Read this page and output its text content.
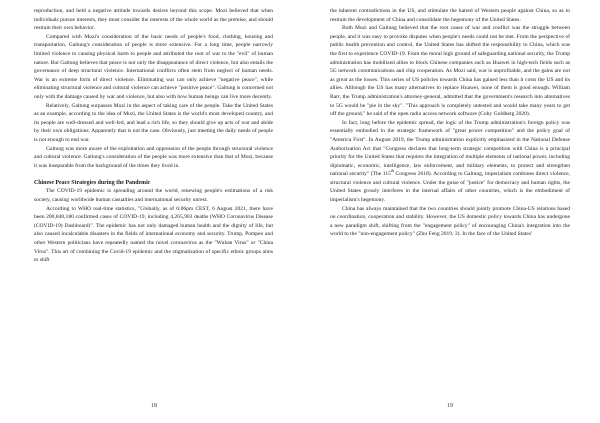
reproduction, and held a negative attitude towards desires beyond this scope. Mozi believed that when individuals pursue interests, they must consider the interests of the whole world as the premise, and should restrain their own behavior.

Compared with Mozi's consideration of the basic needs of people's food, clothing, housing and transportation, Galtung's consideration of people is more extensive. For a long time, people narrowly limited violence to causing physical harm to people and attributed the root of war to the "evil" of human nature. But Galtung believes that peace is not only the disappearance of direct violence, but also entails the governance of deep structural violence. International conflicts often stem from neglect of human needs. War is an extreme form of direct violence. Eliminating war can only achieve "negative peace", while eliminating structural violence and cultural violence can achieve "positive peace". Galtung is concerned not only with the damage caused by war and violence, but also with how human beings can live more decently.

Relatively, Galtung surpasses Mozi in the aspect of taking care of the people. Take the United States as an example, according to the idea of Mozi, the United States is the world's most developed country, and its people are well-dressed and well-fed, and lead a rich life, so they should give up acts of war and abide by their own obligations. Apparently that is not the case. Obviously, just meeting the daily needs of people is not enough to end war.

Galtung was more aware of the exploitation and oppression of the people through structural violence and cultural violence. Galtung's consideration of the people was more extensive than that of Mozi, because it was inseparable from the background of the times they lived in.

Chinese Peace Strategies during the Pandemic

The COVID-19 epidemic is spreading around the world, renewing people's estimations of a risk society, causing worldwide human casualties and international security unrest.

According to WHO real-time statistics, "Globally, as of 6:06pm CEST, 6 August 2021, there have been 200,840,180 confirmed cases of COVID-19, including 4,265,903 deaths (WHO Coronavirus Disease (COVID-19) Dashboard)". The epidemic has not only damaged human health and the dignity of life, but also caused incalculable disasters in the fields of international economy and security. Trump, Pompeo and other Western politicians have repeatedly named the novel coronavirus as the "Wuhan Virus" or "China Virus". This art of combining the Covid-19 epidemic and the stigmatization of specific ethnic groups aims to shift

18

the inherent contradictions in the US, and stimulate the hatred of Western people against China, so as to restrain the development of China and consolidate the hegemony of the United States.

Both Mozi and Galtung believed that the root cause of war and conflict was the struggle between people, and it was easy to provoke disputes when people's needs could not be met. From the perspective of public health prevention and control, the United States has shifted the responsibility to China, which was the first to experience COVID-19. From the moral high ground of safeguarding national security, the Trump administration has mobilized allies to block Chinese companies such as Huawei in high-tech fields such as 5G network communications and chip cooperation. As Mozi said, war is unprofitable, and the gains are not as great as the losses. This series of US policies towards China has gained less than it costs the US and its allies. Although the US has many alternatives to replace Huawei, none of them is good enough. William Barr, the Trump administration's attorney-general, admitted that the government's research into alternatives to 5G would be "pie in the sky". "This approach is completely untested and would take many years to get off the ground," he said of the open radio access network software (Cohy Goldberg 2020).

In fact, long before the epidemic spread, the logic of the Trump administration's foreign policy was essentially embodied in the strategic framework of "great power competition" and the policy goal of "America First". In August 2019, the Trump administration explicitly emphasized in the National Defense Authorization Act that "Congress declares that long-term strategic competition with China is a principal priority for the United States that requires the integration of multiple elements of national power, including diplomatic, economic, intelligence, law enforcement, and military elements, to protect and strengthen national security" (The 115th Congress 2018). According to Galtung, imperialism combines direct violence, structural violence and cultural violence. Under the guise of "justice" for democracy and human rights, the United States grossly interferes in the internal affairs of other countries, which is the embodiment of imperialism's hegemony.

China has always maintained that the two countries should jointly promote China-US relations based on coordination, cooperation and stability. However, the US domestic policy towards China has undergone a new paradigm shift, shifting from the "engagement policy" of encouraging China's integration into the world to the "non-engagement policy" (Zhu Feng 2019, 3). In the face of the United States'

19
